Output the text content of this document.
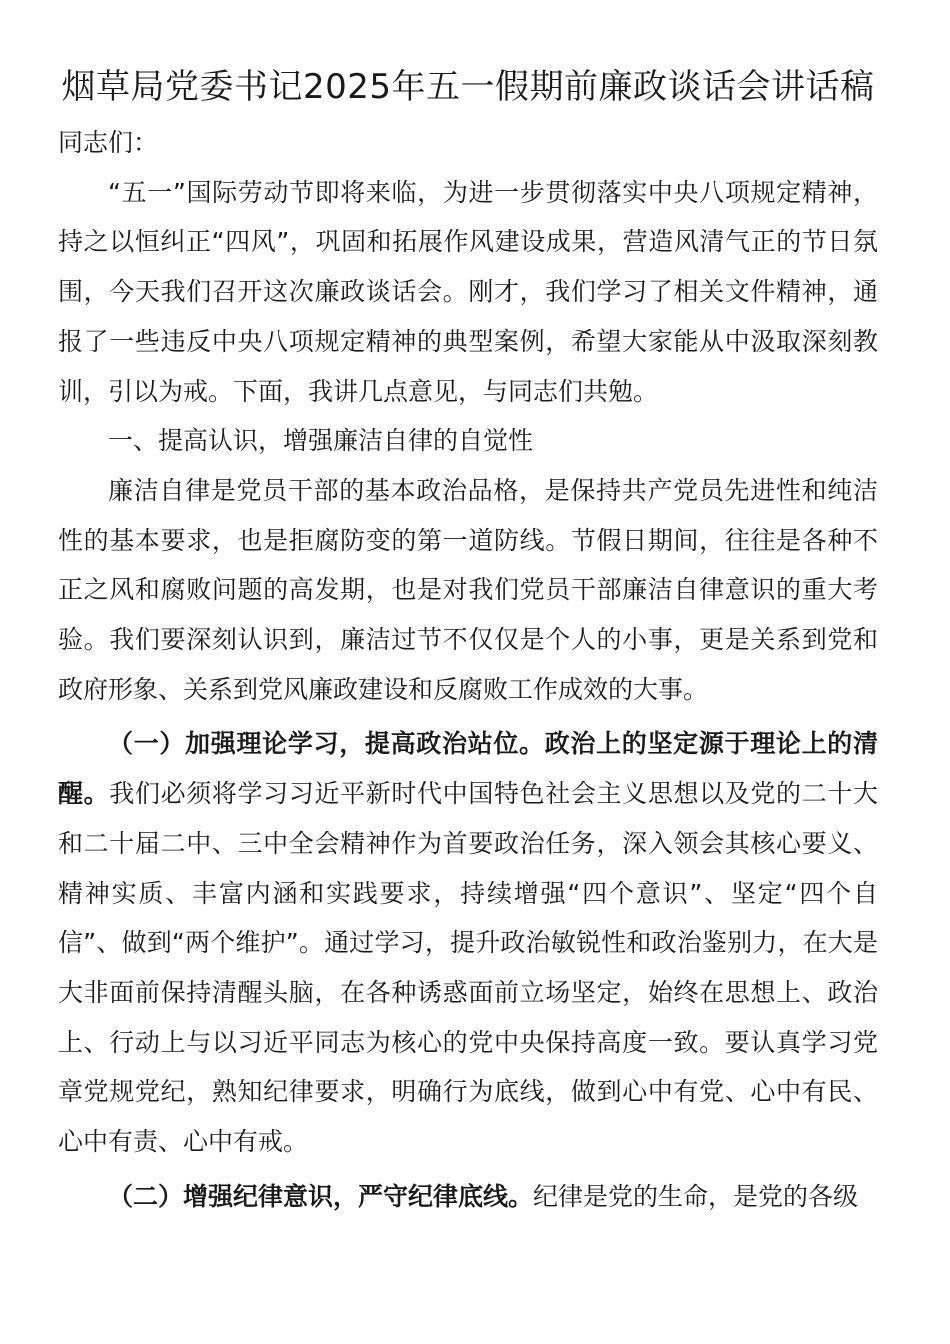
烟草局党委书记2025年五一假期前廉政谈话会讲话稿

同志们：

“五一”国际劳动节即将来临，为进一步贯彻落实中央八项规定精神，持之以恒纠正“四风”，巩固和拓展作风建设成果，营造风清气正的节日氛围，今天我们召开这次廉政谈话会。刚才，我们学习了相关文件精神，通报了一些违反中央八项规定精神的典型案例，希望大家能从中汲取深刻教训，引以为戒。下面，我讲几点意见，与同志们共勉。

一、提高认识，增强廉洁自律的自觉性

廉洁自律是党员干部的基本政治品格，是保持共产党员先进性和纯洁性的基本要求，也是拒腐防变的第一道防线。节假日期间，往往是各种不正之风和腐败问题的高发期，也是对我们党员干部廉洁自律意识的重大考验。我们要深刻认识到，廉洁过节不仅仅是个人的小事，更是关系到党和政府形象、关系到党风廉政建设和反腐败工作成效的大事。

（一）加强理论学习，提高政治站位。政治上的坚定源于理论上的清醒。我们必须将学习习近平新时代中国特色社会主义思想以及党的二十大和二十届二中、三中全会精神作为首要政治任务，深入领会其核心要义、精神实质、丰富内涵和实践要求，持续增强“四个意识”、坚定“四个自信”、做到“两个维护”。通过学习，提升政治敏锐性和政治鉴别力，在大是大非面前保持清醒头脑，在各种诱惑面前立场坚定，始终在思想上、政治上、行动上与以习近平同志为核心的党中央保持高度一致。要认真学习党章党规党纪，熟知纪律要求，明确行为底线，做到心中有党、心中有民、心中有责、心中有戒。

（二）增强纪律意识，严守纪律底线。纪律是党的生命，是党的各级
